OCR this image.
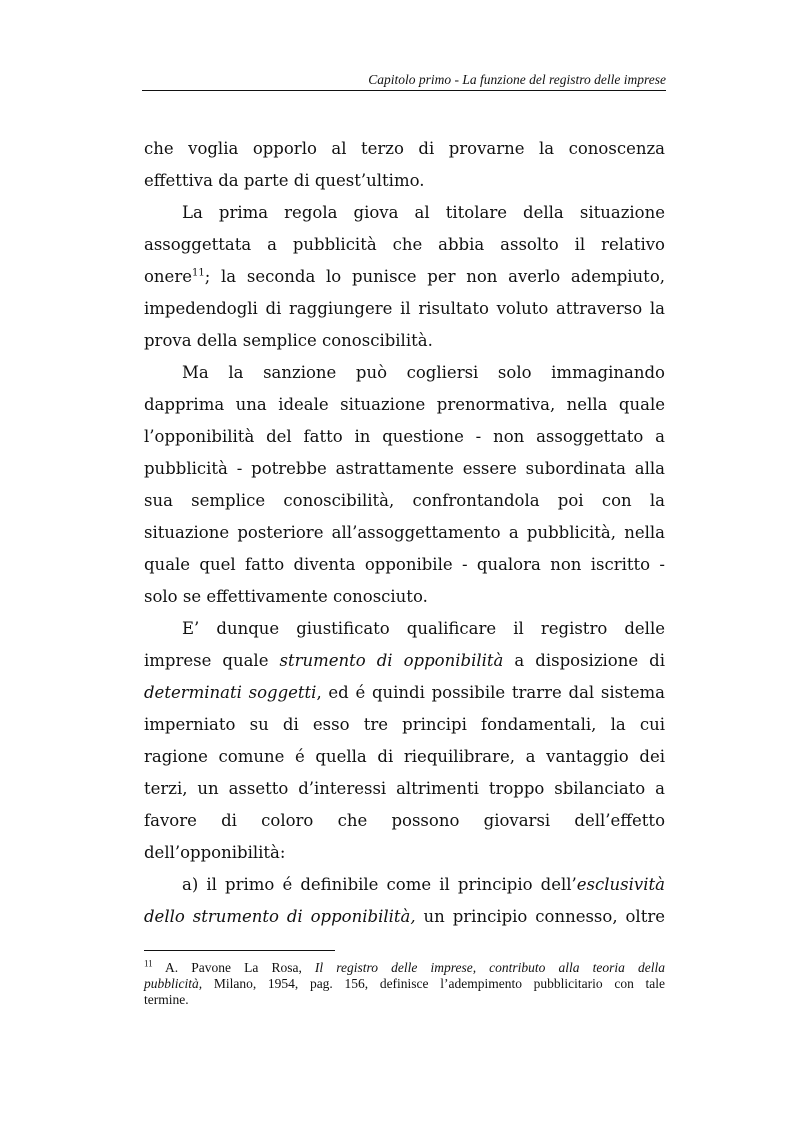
Capitolo primo - La funzione del registro delle imprese
che voglia opporlo al terzo di provarne la conoscenza
effettiva da parte di quest’ultimo.
La prima regola giova al titolare della situazione
assoggettata a pubblicità che abbia assolto il relativo
onere$^{11}$; la seconda lo punisce per non averlo adempiuto,
impedendogli di raggiungere il risultato voluto attraverso la
prova della semplice conoscibilità.
Ma la sanzione può cogliersi solo immaginando
dapprima una ideale situazione prenormativa, nella quale
l’opponibilità del fatto in questione - non assoggettato a
pubblicità - potrebbe astrattamente essere subordinata alla
sua semplice conoscibilità, confrontandola poi con la
situazione posteriore all’assoggettamento a pubblicità, nella
quale quel fatto diventa opponibile - qualora non iscritto -
solo se effettivamente conosciuto.
E’ dunque giustificato qualificare il registro delle
imprese quale strumento di opponibilità a disposizione di
determinati soggetti, ed é quindi possibile trarre dal sistema
imperniato su di esso tre principi fondamentali, la cui
ragione comune é quella di riequilibrare, a vantaggio dei
terzi, un assetto d’interessi altrimenti troppo sbilanciato a
favore di coloro che possono giovarsi dell’effetto
dell’opponibilità:
a) il primo é definibile come il principio dell’esclusività
dello strumento di opponibilità, un principio connesso, oltre
$^{11}$ A. Pavone La Rosa, Il registro delle imprese, contributo alla teoria della
pubblicità, Milano, 1954, pag. 156, definisce l’adempimento pubblicitario con tale
termine.
